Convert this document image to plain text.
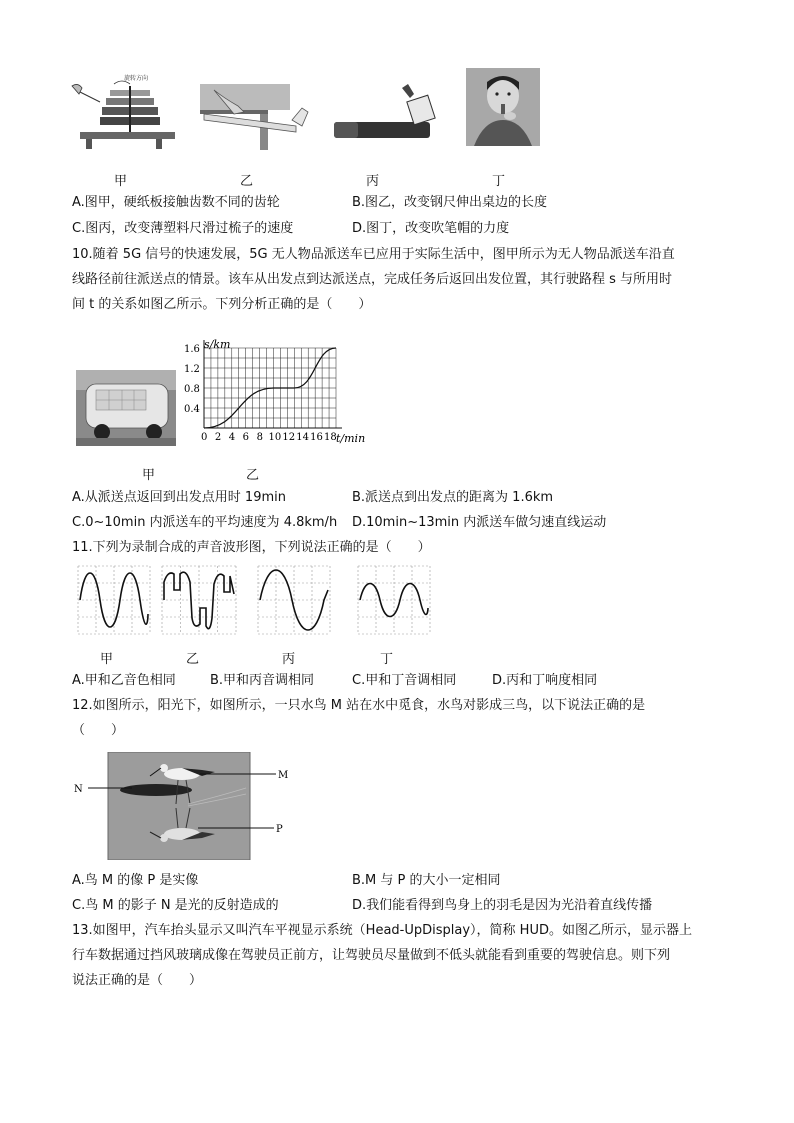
旋转方向
甲	乙	丙	丁
A.图甲，硬纸板接触齿数不同的齿轮	B.图乙，改变钢尺伸出桌边的长度
C.图丙，改变薄塑料尺滑过梳子的速度	D.图丁，改变吹笔帽的力度
10.随着 5G 信号的快速发展，5G 无人物品派送车已应用于实际生活中，图甲所示为无人物品派送车沿直
线路径前往派送点的情景。该车从出发点到达派送点，完成任务后返回出发位置，其行驶路程 s 与所用时
间 t 的关系如图乙所示。下列分析正确的是（　　）
0 2 4 6 8 10 12 14 16 18
0.4
0.8
1.2
1.6 s/km
t/min
甲	乙
A.从派送点返回到出发点用时 19min	B.派送点到出发点的距离为 1.6km
C.0~10min 内派送车的平均速度为 4.8km/h D.10min~13min 内派送车做匀速直线运动
11.下列为录制合成的声音波形图，下列说法正确的是（　　）
甲	乙	丙	丁
A.甲和乙音色相同	B.甲和丙音调相同	C.甲和丁音调相同	D.丙和丁响度相同
12.如图所示，阳光下，如图所示，一只水鸟 M 站在水中觅食，水鸟对影成三鸟，以下说法正确的是
（　　）
N
M
P
A.鸟 M 的像 P 是实像	B.M 与 P 的大小一定相同
C.鸟 M 的影子 N 是光的反射造成的	D.我们能看得到鸟身上的羽毛是因为光沿着直线传播
13.如图甲，汽车抬头显示又叫汽车平视显示系统（Head-UpDisplay），简称 HUD。如图乙所示，显示器上
行车数据通过挡风玻璃成像在驾驶员正前方，让驾驶员尽量做到不低头就能看到重要的驾驶信息。则下列
说法正确的是（　　）
